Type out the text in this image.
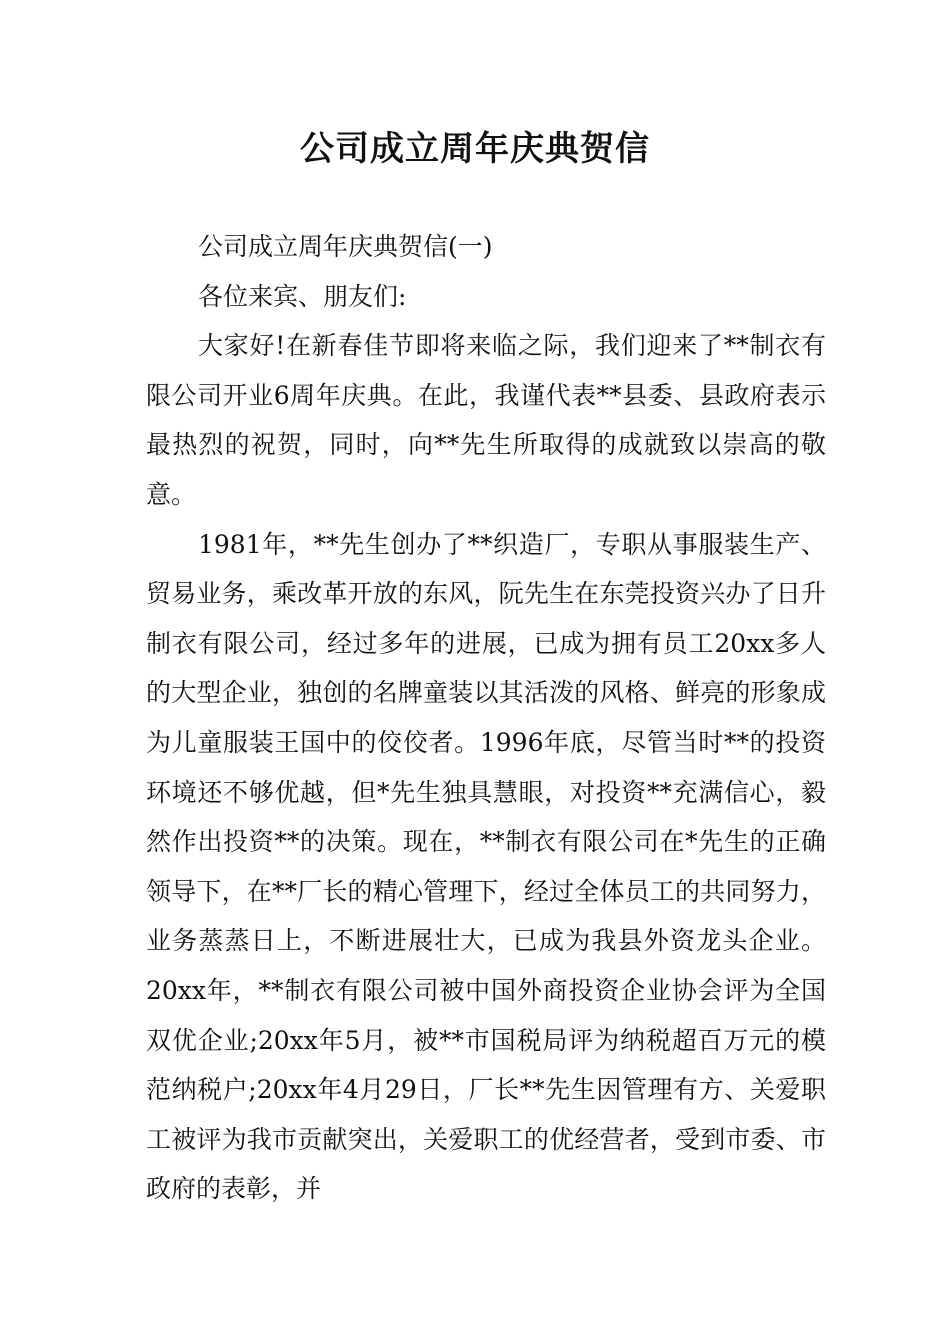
公司成立周年庆典贺信

公司成立周年庆典贺信(一)

各位来宾、朋友们:

大家好!在新春佳节即将来临之际，我们迎来了**制衣有限公司开业6周年庆典。在此，我谨代表**县委、县政府表示最热烈的祝贺，同时，向**先生所取得的成就致以崇高的敬意。

1981年，**先生创办了**织造厂，专职从事服装生产、贸易业务，乘改革开放的东风，阮先生在东莞投资兴办了日升制衣有限公司，经过多年的进展，已成为拥有员工20xx多人的大型企业，独创的名牌童装以其活泼的风格、鲜亮的形象成为儿童服装王国中的佼佼者。1996年底，尽管当时**的投资环境还不够优越，但*先生独具慧眼，对投资**充满信心，毅然作出投资**的决策。现在，**制衣有限公司在*先生的正确领导下，在**厂长的精心管理下，经过全体员工的共同努力，业务蒸蒸日上，不断进展壮大，已成为我县外资龙头企业。20xx年，**制衣有限公司被中国外商投资企业协会评为全国双优企业;20xx年5月，被**市国税局评为纳税超百万元的模范纳税户;20xx年4月29日，厂长**先生因管理有方、关爱职工被评为我市贡献突出，关爱职工的优经营者，受到市委、市政府的表彰，并
